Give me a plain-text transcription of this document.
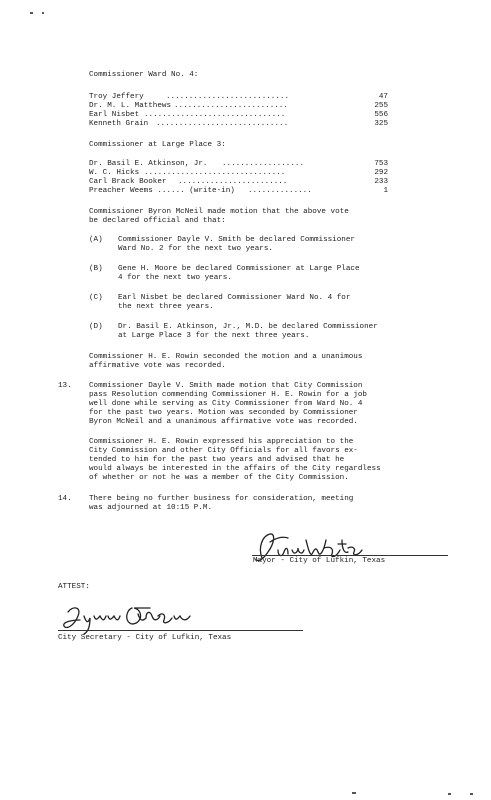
Commissioner Ward No. 4:
Troy Jeffery	...........................	47
Dr. M. L. Matthews .........................	255
Earl Nisbet ...............................	556
Kenneth Grain .............................	325
Commissioner at Large Place 3:
Dr. Basil E. Atkinson, Jr. ..................	753
W. C. Hicks ...............................	292
Carl Brack Booker ........................	233
Preacher Weems ...... (write-in) ..............	1
Commissioner Byron McNeil made motion that the above vote
be declared official and that:
(A) Commissioner Dayle V. Smith be declared Commissioner
Ward No. 2 for the next two years.
(B) Gene H. Moore be declared Commissioner at Large Place
4 for the next two years.
(C) Earl Nisbet be declared Commissioner Ward No. 4 for
the next three years.
(D) Dr. Basil E. Atkinson, Jr., M.D. be declared Commissioner
at Large Place 3 for the next three years.
Commissioner H. E. Rowin seconded the motion and a unanimous
affirmative vote was recorded.
13. Commissioner Dayle V. Smith made motion that City Commission
pass Resolution commending Commissioner H. E. Rowin for a job
well done while serving as City Commissioner from Ward No. 4
for the past two years. Motion was seconded by Commissioner
Byron McNeil and a unanimous affirmative vote was recorded.
Commissioner H. E. Rowin expressed his appreciation to the
City Commission and other City Officials for all favors ex-
tended to him for the past two years and advised that he
would always be interested in the affairs of the City regardless
of whether or not he was a member of the City Commission.
14. There being no further business for consideration, meeting
was adjourned at 10:15 P.M.
Mayor - City of Lufkin, Texas
ATTEST:
City Secretary - City of Lufkin, Texas
